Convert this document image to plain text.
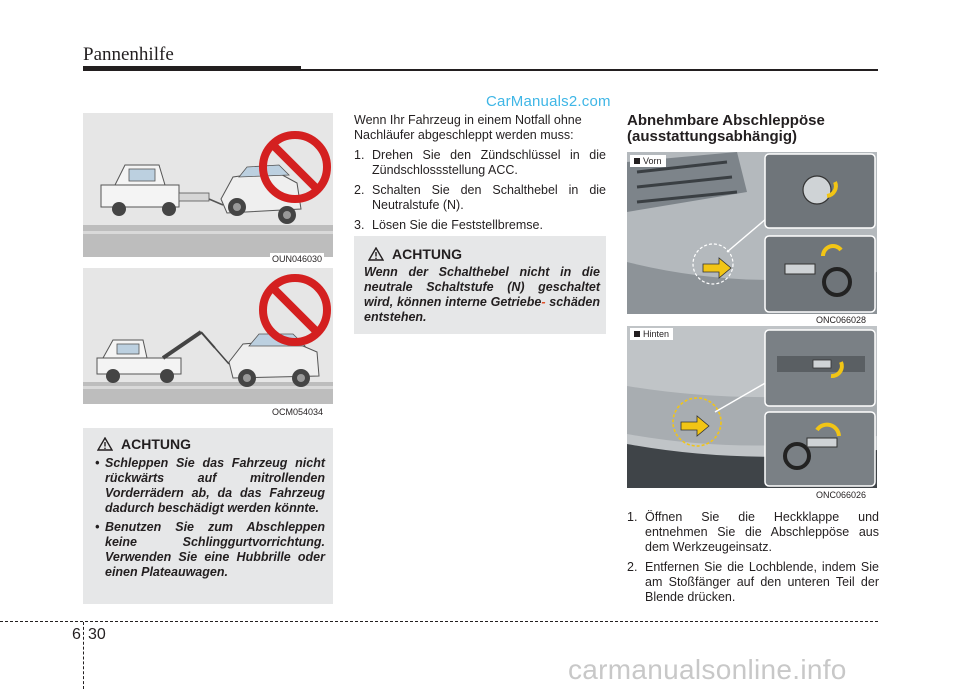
Pannenhilfe
CarManuals2.com
OUN046030
OCM054034
ACHTUNG
• Schleppen Sie das Fahrzeug nicht rückwärts auf mitrollenden Vorderrädern ab, da das Fahrzeug dadurch beschädigt werden könnte.
• Benutzen Sie zum Abschleppen keine Schlinggurtvorrichtung. Verwenden Sie eine Hubbrille oder einen Plateauwagen.

Wenn Ihr Fahrzeug in einem Notfall ohne Nachläufer abgeschleppt werden muss:

1. Drehen Sie den Zündschlüssel in die Zündschlossstellung ACC.
2. Schalten Sie den Schalthebel in die Neutralstufe (N).
3. Lösen Sie die Feststellbremse.
ACHTUNG

Wenn der Schalthebel nicht in die neutrale Schaltstufe (N) geschaltet wird, können interne Getriebe- schäden entstehen.

Abnehmbare Abschleppöse (ausstattungsabhängig)
Vorn
ONC066028
Hinten
ONC066026
1. Öffnen Sie die Heckklappe und entnehmen Sie die Abschleppöse aus dem Werkzeugeinsatz.
2. Entfernen Sie die Lochblende, indem Sie am Stoßfänger auf den unteren Teil der Blende drücken.
6 30
carmanualsonline.info
